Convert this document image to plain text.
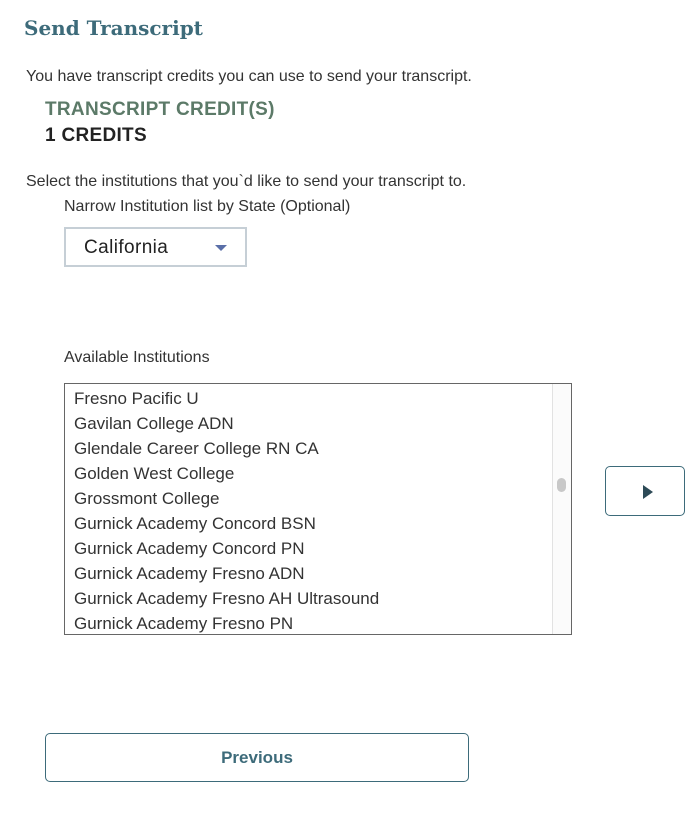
Send Transcript
You have transcript credits you can use to send your transcript.
TRANSCRIPT CREDIT(S)
1 CREDITS
Select the institutions that you`d like to send your transcript to.
Narrow Institution list by State (Optional)
California
Available Institutions
Fresno Pacific U
Gavilan College ADN
Glendale Career College RN CA
Golden West College
Grossmont College
Gurnick Academy Concord BSN
Gurnick Academy Concord PN
Gurnick Academy Fresno ADN
Gurnick Academy Fresno AH Ultrasound
Gurnick Academy Fresno PN
Previous
